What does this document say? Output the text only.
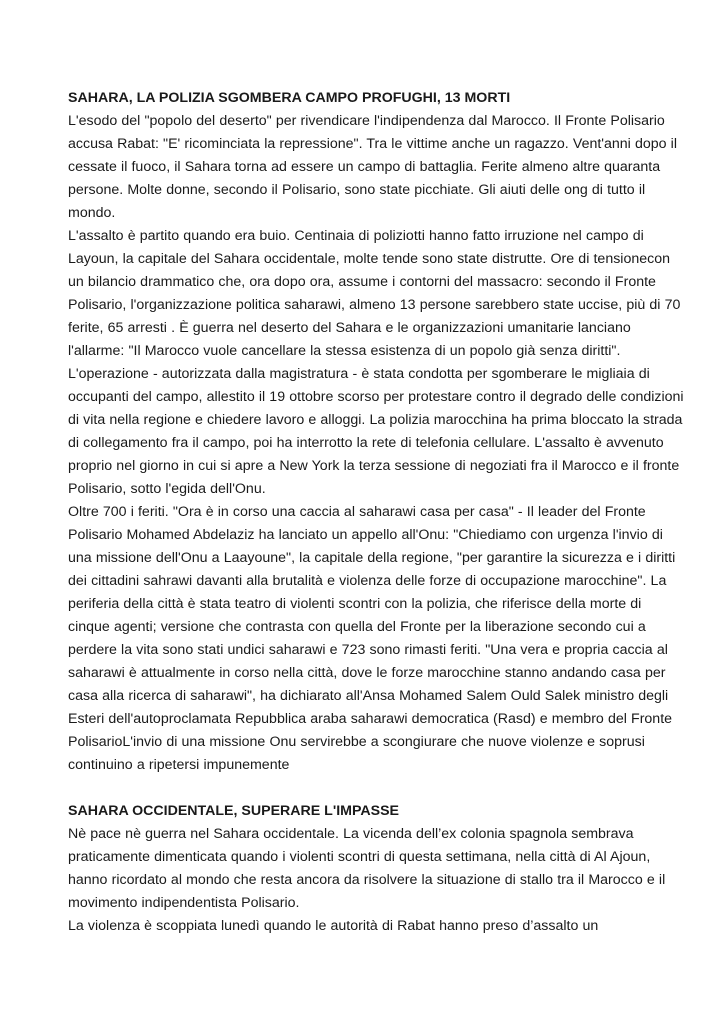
SAHARA, LA POLIZIA SGOMBERA CAMPO PROFUGHI, 13 MORTI

L'esodo del "popolo del deserto" per rivendicare l'indipendenza dal Marocco. Il Fronte Polisario accusa Rabat: "E' ricominciata la repressione". Tra le vittime anche un ragazzo. Vent'anni dopo il cessate il fuoco, il Sahara torna ad essere un campo di battaglia. Ferite almeno altre quaranta persone. Molte donne, secondo il Polisario, sono state picchiate. Gli aiuti delle ong di tutto il mondo.

L'assalto è partito quando era buio. Centinaia di poliziotti hanno fatto irruzione nel campo di Layoun, la capitale del Sahara occidentale, molte tende sono state distrutte. Ore di tensionecon un bilancio drammatico che, ora dopo ora, assume i contorni del massacro: secondo il Fronte Polisario, l'organizzazione politica saharawi, almeno 13 persone sarebbero state uccise, più di 70 ferite, 65 arresti . È guerra nel deserto del Sahara e le organizzazioni umanitarie lanciano l'allarme: "Il Marocco vuole cancellare la stessa esistenza di un popolo già senza diritti". L'operazione - autorizzata dalla magistratura - è stata condotta per sgomberare le migliaia di occupanti del campo, allestito il 19 ottobre scorso per protestare contro il degrado delle condizioni di vita nella regione e chiedere lavoro e alloggi. La polizia marocchina ha prima bloccato la strada di collegamento fra il campo, poi ha interrotto la rete di telefonia cellulare. L'assalto è avvenuto proprio nel giorno in cui si apre a New York la terza sessione di negoziati fra il Marocco e il fronte Polisario, sotto l'egida dell'Onu.

Oltre 700 i feriti. "Ora è in corso una caccia al saharawi casa per casa" - Il leader del Fronte Polisario Mohamed Abdelaziz ha lanciato un appello all'Onu: "Chiediamo con urgenza l'invio di una missione dell'Onu a Laayoune", la capitale della regione, "per garantire la sicurezza e i diritti dei cittadini sahrawi davanti alla brutalità e violenza delle forze di occupazione marocchine". La periferia della città è stata teatro di violenti scontri con la polizia, che riferisce della morte di cinque agenti; versione che contrasta con quella del Fronte per la liberazione secondo cui a perdere la vita sono stati undici saharawi e 723 sono rimasti feriti. "Una vera e propria caccia al saharawi è attualmente in corso nella città, dove le forze marocchine stanno andando casa per casa alla ricerca di saharawi", ha dichiarato all'Ansa Mohamed Salem Ould Salek ministro degli Esteri dell'autoproclamata Repubblica araba saharawi democratica (Rasd) e membro del Fronte PolisarioL'invio di una missione Onu servirebbe a scongiurare che nuove violenze e soprusi continuino a ripetersi impunemente

SAHARA OCCIDENTALE, SUPERARE L'IMPASSE

Nè pace nè guerra nel Sahara occidentale. La vicenda dell’ex colonia spagnola sembrava praticamente dimenticata quando i violenti scontri di questa settimana, nella città di Al Ajoun, hanno ricordato al mondo che resta ancora da risolvere la situazione di stallo tra il Marocco e il movimento indipendentista Polisario.

La violenza è scoppiata lunedì quando le autorità di Rabat hanno preso d’assalto un
